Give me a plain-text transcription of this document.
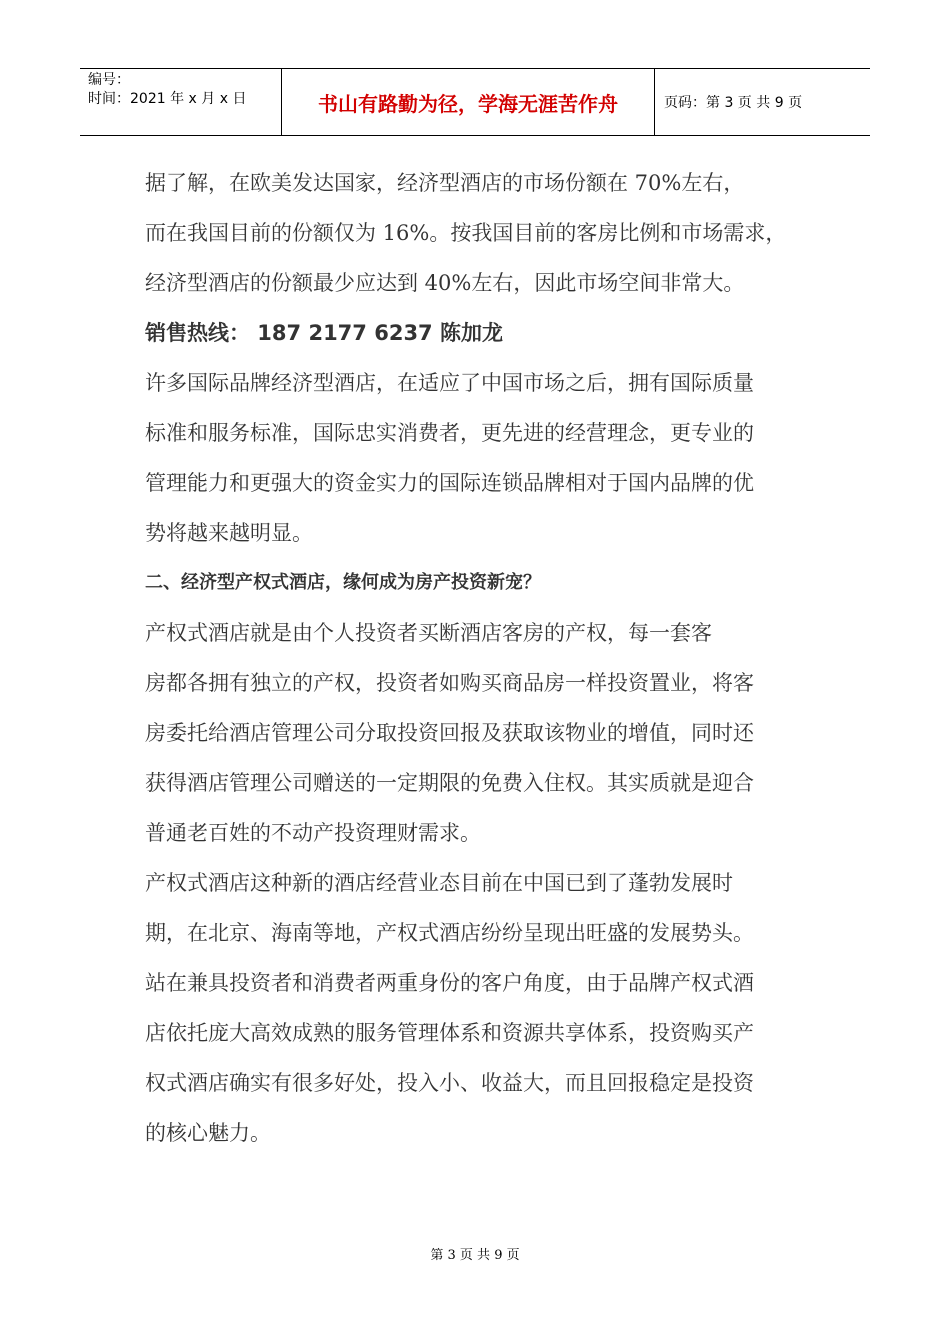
编号：
时间：2021 年 x 月 x 日	书山有路勤为径，学海无涯苦作舟	页码：第 3 页 共 9 页
据了解，在欧美发达国家，经济型酒店的市场份额在 70%左右，
而在我国目前的份额仅为 16%。按我国目前的客房比例和市场需求，
经济型酒店的份额最少应达到 40%左右，因此市场空间非常大。
销售热线： 187 2177 6237 陈加龙
许多国际品牌经济型酒店，在适应了中国市场之后，拥有国际质量
标准和服务标准，国际忠实消费者，更先进的经营理念，更专业的
管理能力和更强大的资金实力的国际连锁品牌相对于国内品牌的优
势将越来越明显。
二、经济型产权式酒店，缘何成为房产投资新宠？
产权式酒店就是由个人投资者买断酒店客房的产权，每一套客
房都各拥有独立的产权，投资者如购买商品房一样投资置业，将客
房委托给酒店管理公司分取投资回报及获取该物业的增值，同时还
获得酒店管理公司赠送的一定期限的免费入住权。其实质就是迎合
普通老百姓的不动产投资理财需求。
产权式酒店这种新的酒店经营业态目前在中国已到了蓬勃发展时
期，在北京、海南等地，产权式酒店纷纷呈现出旺盛的发展势头。
站在兼具投资者和消费者两重身份的客户角度，由于品牌产权式酒
店依托庞大高效成熟的服务管理体系和资源共享体系，投资购买产
权式酒店确实有很多好处，投入小、收益大，而且回报稳定是投资
的核心魅力。
第 3 页 共 9 页
